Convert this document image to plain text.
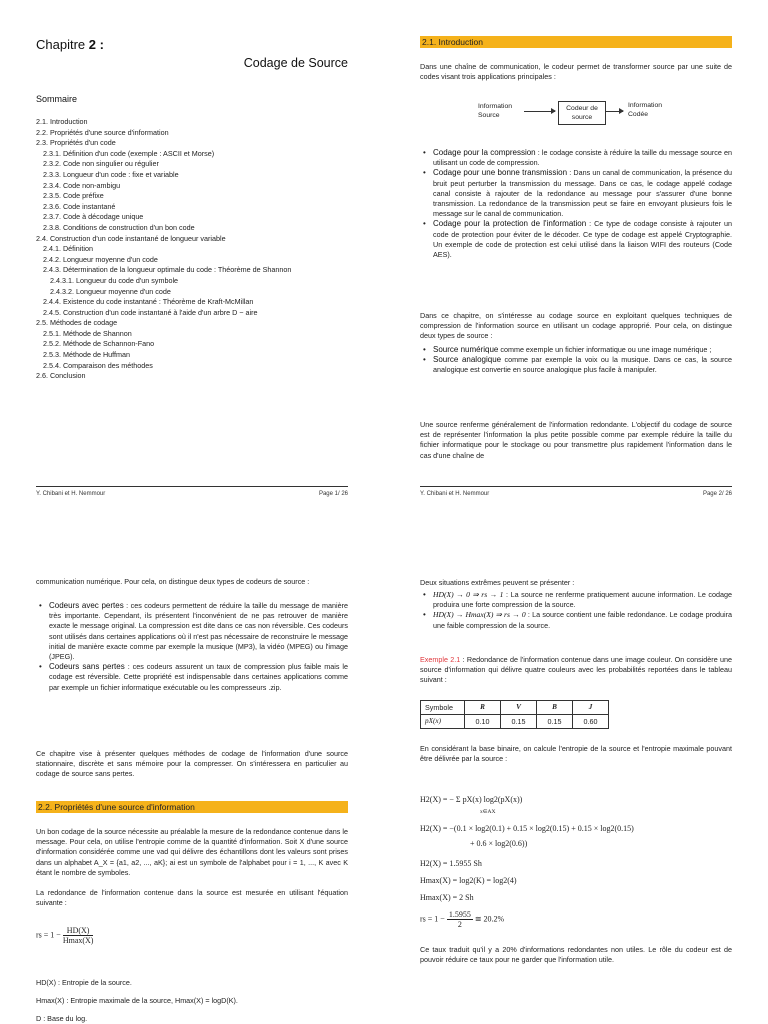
Chapitre 2 :
Codage de Source
Sommaire
2.1. Introduction
2.2. Propriétés d'une source d'information
2.3. Propriétés d'un code
2.3.1. Définition d'un code (exemple : ASCII et Morse)
2.3.2. Code non singulier ou régulier
2.3.3. Longueur d'un code : fixe et variable
2.3.4. Code non-ambigu
2.3.5. Code préfixe
2.3.6. Code instantané
2.3.7. Code à décodage unique
2.3.8. Conditions de construction d'un bon code
2.4. Construction d'un code instantané de longueur variable
2.4.1. Définition
2.4.2. Longueur moyenne d'un code
2.4.3. Détermination de la longueur optimale du code : Théorème de Shannon
2.4.3.1. Longueur du code d'un symbole
2.4.3.2. Longueur moyenne d'un code
2.4.4. Existence du code instantané : Théorème de Kraft-McMillan
2.4.5. Construction d'un code instantané à l'aide d'un arbre D − aire
2.5. Méthodes de codage
2.5.1. Méthode de Shannon
2.5.2. Méthode de Schannon-Fano
2.5.3. Méthode de Huffman
2.5.4. Comparaison des méthodes
2.6. Conclusion
Y. Chibani et H. Nemmour	Page 1/ 26
2.1. Introduction
Dans une chaîne de communication, le codeur permet de transformer source par une suite de codes visant trois applications principales :
Information Source
Codeur de source
Information Codée
• Codage pour la compression : le codage consiste à réduire la taille du message source en utilisant un code de compression.
• Codage pour une bonne transmission : Dans un canal de communication, la présence du bruit peut perturber la transmission du message. Dans ce cas, le codage appelé codage canal consiste à rajouter de la redondance au message pour s'assurer d'une bonne transmission. La redondance de la transmission peut se faire en envoyant plusieurs fois le message sur le canal de communication.
• Codage pour la protection de l'information : Ce type de codage consiste à rajouter un code de protection pour éviter de le décoder. Ce type de codage est appelé Cryptographie. Un exemple de code de protection est celui utilisé dans la liaison WIFI des routeurs (Code AES).
Dans ce chapitre, on s'intéresse au codage source en exploitant quelques techniques de compression de l'information source en utilisant un codage approprié. Pour cela, on distingue deux types de source :
• Source numérique comme exemple un fichier informatique ou une image numérique ;
• Source analogique comme par exemple la voix ou la musique. Dans ce cas, la source analogique est convertie en source analogique plus facile à manipuler.
Une source renferme généralement de l'information redondante. L'objectif du codage de source est de représenter l'information la plus petite possible comme par exemple réduire la taille du fichier informatique pour le stockage ou pour transmettre plus rapidement l'information dans le cas d'une chaîne de
Y. Chibani et H. Nemmour	Page 2/ 26
communication numérique. Pour cela, on distingue deux types de codeurs de source :
• Codeurs avec pertes : ces codeurs permettent de réduire la taille du message de manière très importante. Cependant, ils présentent l'inconvénient de ne pas retrouver de manière exacte le message original. La compression est dite dans ce cas non réversible. Ces codeurs sont utilisés dans certaines applications où il n'est pas nécessaire de reconstruire le message initial de manière exacte comme par exemple la musique (MP3), la vidéo (MPEG) ou l'image (JPEG).
• Codeurs sans pertes : ces codeurs assurent un taux de compression plus faible mais le codage est réversible. Cette propriété est indispensable dans certaines applications comme par exemple un fichier informatique exécutable ou les compresseurs .zip.
Ce chapitre vise à présenter quelques méthodes de codage de l'information d'une source stationnaire, discrète et sans mémoire pour la compresser. On s'intéressera en particulier au codage de source sans pertes.
2.2. Propriétés d'une source d'information
Un bon codage de la source nécessite au préalable la mesure de la redondance contenue dans le message. Pour cela, on utilise l'entropie comme de la quantité d'information. Soit X d'une source d'information considérée comme une vad qui délivre des échantillons dont les valeurs sont prises dans un alphabet A_X = {a1, a2, ..., aK}; ai est un symbole de l'alphabet pour i = 1, ..., K avec K étant le nombre de symboles.
La redondance de l'information contenue dans la source est mesurée en utilisant l'équation suivante :
rs = $1 - \frac{HD(X)}{Hmax(X)}$
HD(X) : Entropie de la source.
Hmax(X) : Entropie maximale de la source, Hmax(X) = logD(K).
D : Base du log.
Deux situations extrêmes peuvent se présenter :
• HD(X) → 0 ⇒ rs → 1 : La source ne renferme pratiquement aucune information. Le codage produira une forte compression de la source.
• HD(X) → Hmax(X) ⇒ rs → 0 : La source contient une faible redondance. Le codage produira une faible compression de la source.
Exemple 2.1 : Redondance de l'information contenue dans une image couleur. On considère une source d'information qui délivre quatre couleurs avec les probabilités reportées dans le tableau suivant :
Symbole	R	V	B	J
pX(x)	0.10	0.15	0.15	0.60
En considérant la base binaire, on calcule l'entropie de la source et l'entropie maximale pouvant être délivrée par la source :
H2(X) = − Σ pX(x) log2(pX(x))
x∈AX
H2(X) = −(0.1 × log2(0.1) + 0.15 × log2(0.15) + 0.15 × log2(0.15)
+ 0.6 × log2(0.6))
H2(X) = 1.5955 Sh
Hmax(X) = log2(K) = log2(4)
Hmax(X) = 2 Sh
rs = $1 - \frac{1.5955}{2}$ ≅ 20.2%
Ce taux traduit qu'il y a 20% d'informations redondantes non utiles. Le rôle du codeur est de pouvoir réduire ce taux pour ne garder que l'information utile.
